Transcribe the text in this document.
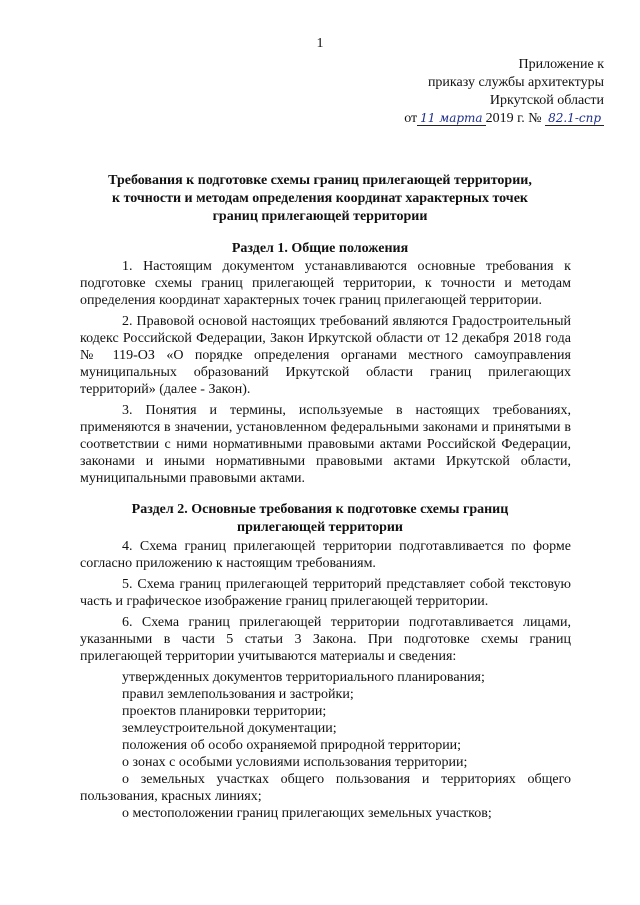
1
Приложение к
приказу службы архитектуры
Иркутской области
от 11 марта 2019 г. № 82.1-спр
Требования к подготовке схемы границ прилегающей территории,
к точности и методам определения координат характерных точек
границ прилегающей территории
Раздел 1. Общие положения

1. Настоящим документом устанавливаются основные требования к подготовке схемы границ прилегающей территории, к точности и методам определения координат характерных точек границ прилегающей территории.

2. Правовой основой настоящих требований являются Градостроительный кодекс Российской Федерации, Закон Иркутской области от 12 декабря 2018 года № 119-ОЗ «О порядке определения органами местного самоуправления муниципальных образований Иркутской области границ прилегающих территорий» (далее - Закон).

3. Понятия и термины, используемые в настоящих требованиях, применяются в значении, установленном федеральными законами и принятыми в соответствии с ними нормативными правовыми актами Российской Федерации, законами и иными нормативными правовыми актами Иркутской области, муниципальными правовыми актами.

Раздел 2. Основные требования к подготовке схемы границ
прилегающей территории

4. Схема границ прилегающей территории подготавливается по форме согласно приложению к настоящим требованиям.

5. Схема границ прилегающей территорий представляет собой текстовую часть и графическое изображение границ прилегающей территории.

6. Схема границ прилегающей территории подготавливается лицами, указанными в части 5 статьи 3 Закона. При подготовке схемы границ прилегающей территории учитываются материалы и сведения:

утвержденных документов территориального планирования;

правил землепользования и застройки;

проектов планировки территории;

землеустроительной документации;

положения об особо охраняемой природной территории;

о зонах с особыми условиями использования территории;

о земельных участках общего пользования и территориях общего пользования, красных линиях;

о местоположении границ прилегающих земельных участков;
